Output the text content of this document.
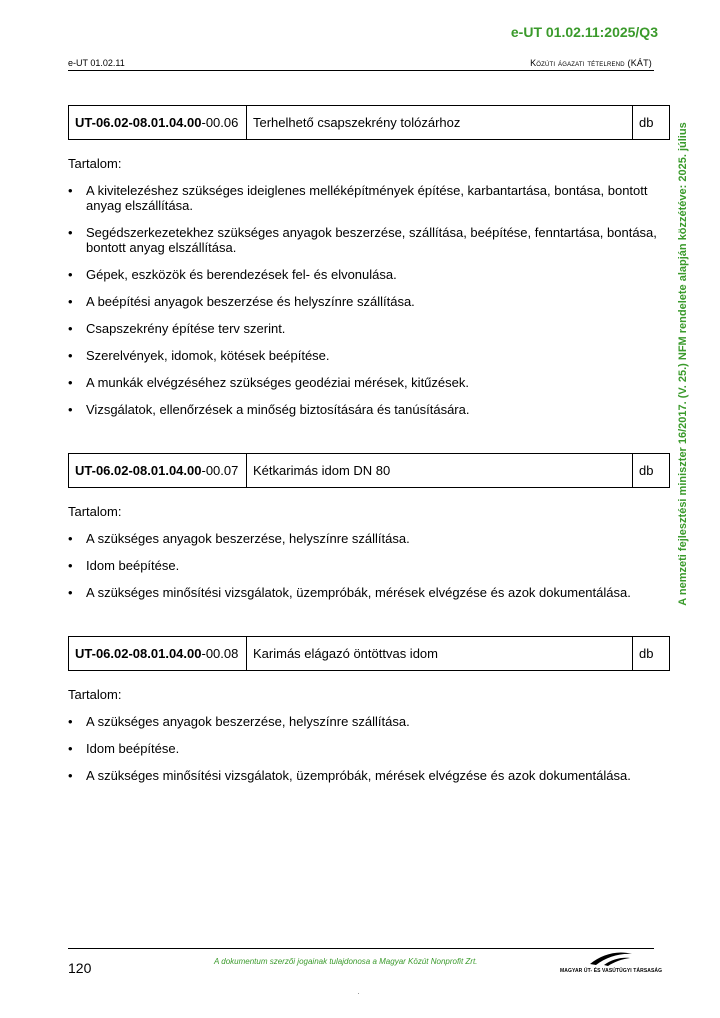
e-UT 01.02.11:2025/Q3
e-UT 01.02.11	Közúti ágazati tételrend (KÁT)
A nemzeti fejlesztési miniszter 16/2017. (V. 25.) NFM rendelete alapján közzétéve: 2025. július
UT-06.02-08.01.04.00-00.06	Terhelhető csapszekrény tolózárhoz	db
Tartalom:
• A kivitelezéshez szükséges ideiglenes melléképítmények építése, karbantartása, bontása, bontott anyag elszállítása.
• Segédszerkezetekhez szükséges anyagok beszerzése, szállítása, beépítése, fenntartása, bontása, bontott anyag elszállítása.
• Gépek, eszközök és berendezések fel- és elvonulása.
• A beépítési anyagok beszerzése és helyszínre szállítása.
• Csapszekrény építése terv szerint.
• Szerelvények, idomok, kötések beépítése.
• A munkák elvégzéséhez szükséges geodéziai mérések, kitűzések.
• Vizsgálatok, ellenőrzések a minőség biztosítására és tanúsítására.
UT-06.02-08.01.04.00-00.07	Kétkarimás idom DN 80	db
Tartalom:
• A szükséges anyagok beszerzése, helyszínre szállítása.
• Idom beépítése.
• A szükséges minősítési vizsgálatok, üzempróbák, mérések elvégzése és azok dokumentálása.
UT-06.02-08.01.04.00-00.08	Karimás elágazó öntöttvas idom	db
Tartalom:
• A szükséges anyagok beszerzése, helyszínre szállítása.
• Idom beépítése.
• A szükséges minősítési vizsgálatok, üzempróbák, mérések elvégzése és azok dokumentálása.
120	A dokumentum szerzői jogainak tulajdonosa a Magyar Közút Nonprofit Zrt.
MAGYAR ÚT- ÉS VASÚTÜGYI TÁRSASÁG
